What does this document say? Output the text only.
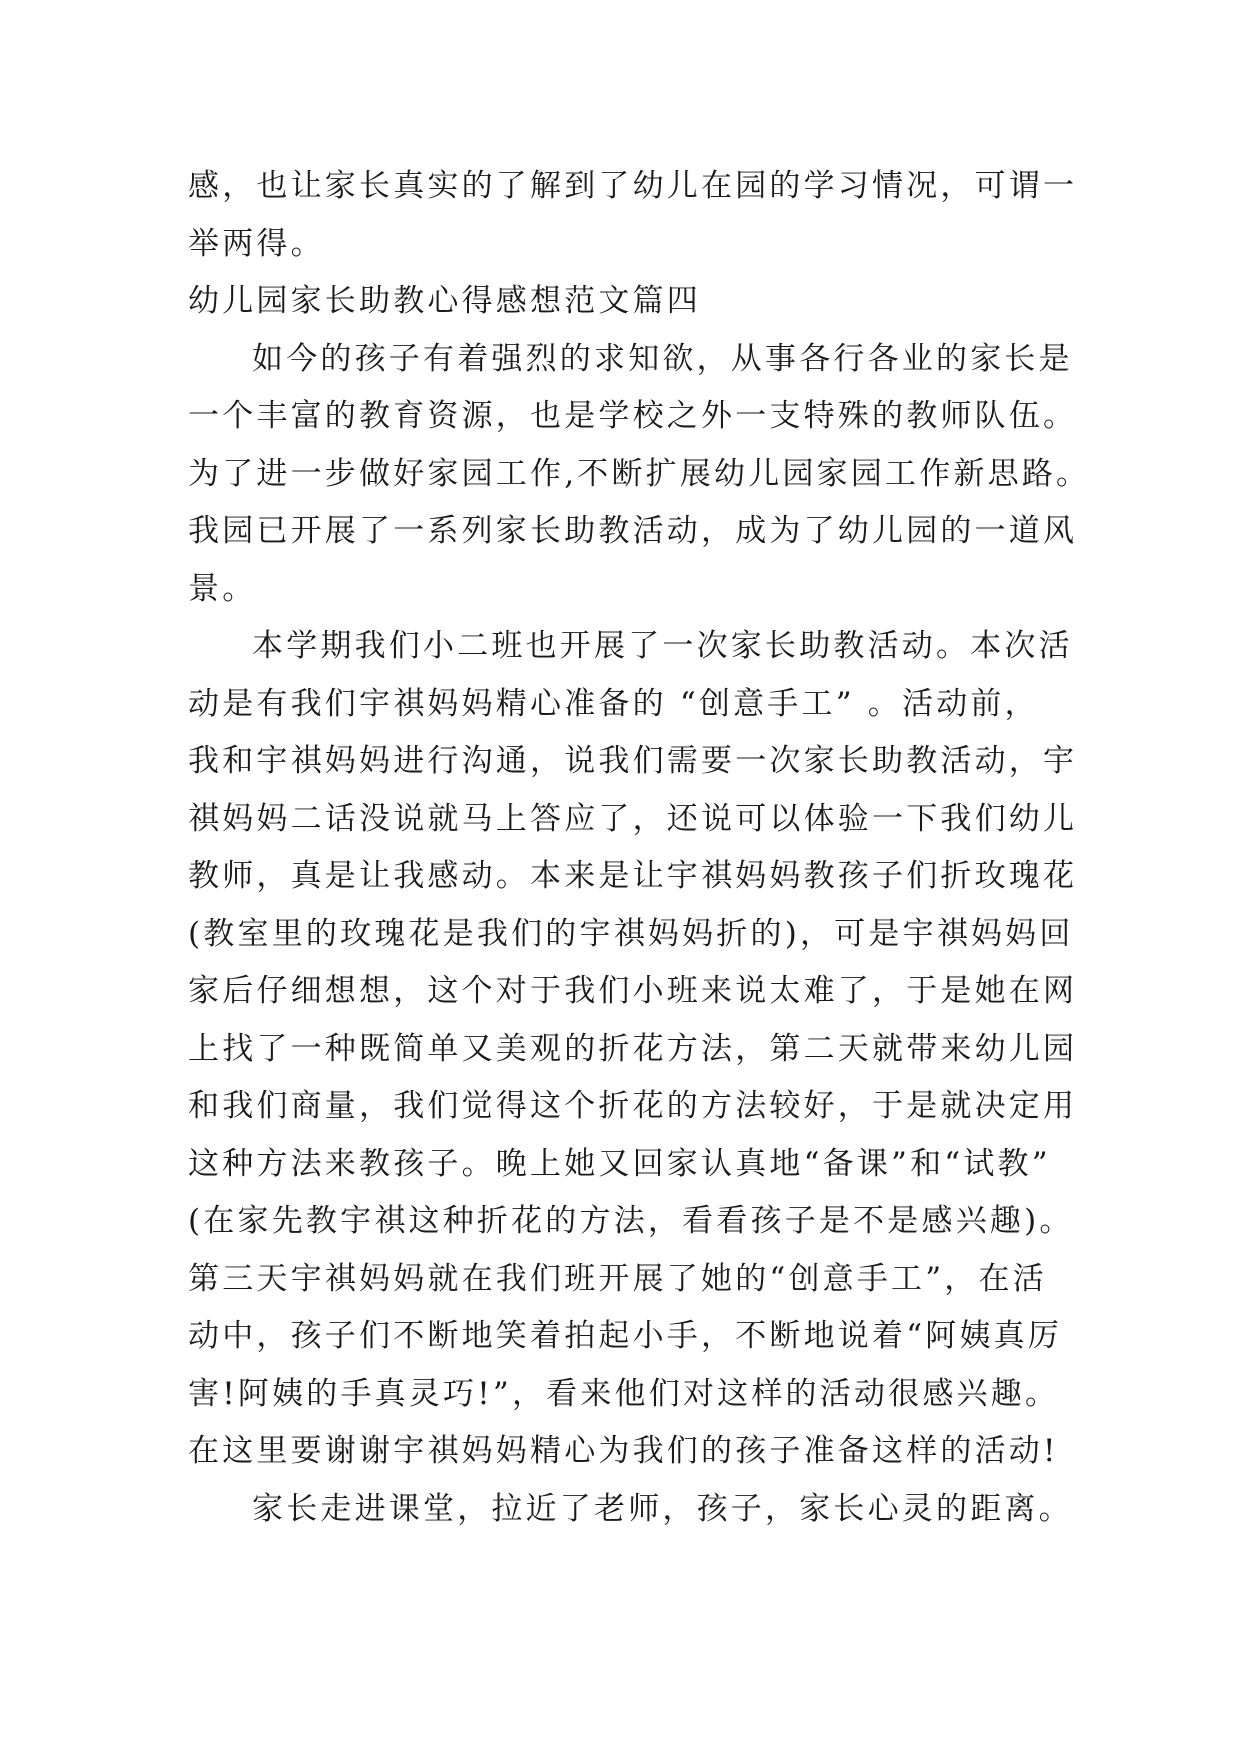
感，也让家长真实的了解到了幼儿在园的学习情况，可谓一
举两得。

幼儿园家长助教心得感想范文篇四

如今的孩子有着强烈的求知欲，从事各行各业的家长是
一个丰富的教育资源，也是学校之外一支特殊的教师队伍。
为了进一步做好家园工作,不断扩展幼儿园家园工作新思路。
我园已开展了一系列家长助教活动，成为了幼儿园的一道风
景。

本学期我们小二班也开展了一次家长助教活动。本次活
动是有我们宇祺妈妈精心准备的 “创意手工” 。活动前，
我和宇祺妈妈进行沟通，说我们需要一次家长助教活动，宇
祺妈妈二话没说就马上答应了，还说可以体验一下我们幼儿
教师，真是让我感动。本来是让宇祺妈妈教孩子们折玫瑰花
(教室里的玫瑰花是我们的宇祺妈妈折的)，可是宇祺妈妈回
家后仔细想想，这个对于我们小班来说太难了，于是她在网
上找了一种既简单又美观的折花方法，第二天就带来幼儿园
和我们商量，我们觉得这个折花的方法较好，于是就决定用
这种方法来教孩子。晚上她又回家认真地“备课”和“试教”
(在家先教宇祺这种折花的方法，看看孩子是不是感兴趣)。
第三天宇祺妈妈就在我们班开展了她的“创意手工”，在活
动中，孩子们不断地笑着拍起小手，不断地说着“阿姨真厉
害!阿姨的手真灵巧!”，看来他们对这样的活动很感兴趣。
在这里要谢谢宇祺妈妈精心为我们的孩子准备这样的活动!

家长走进课堂，拉近了老师，孩子，家长心灵的距离。
